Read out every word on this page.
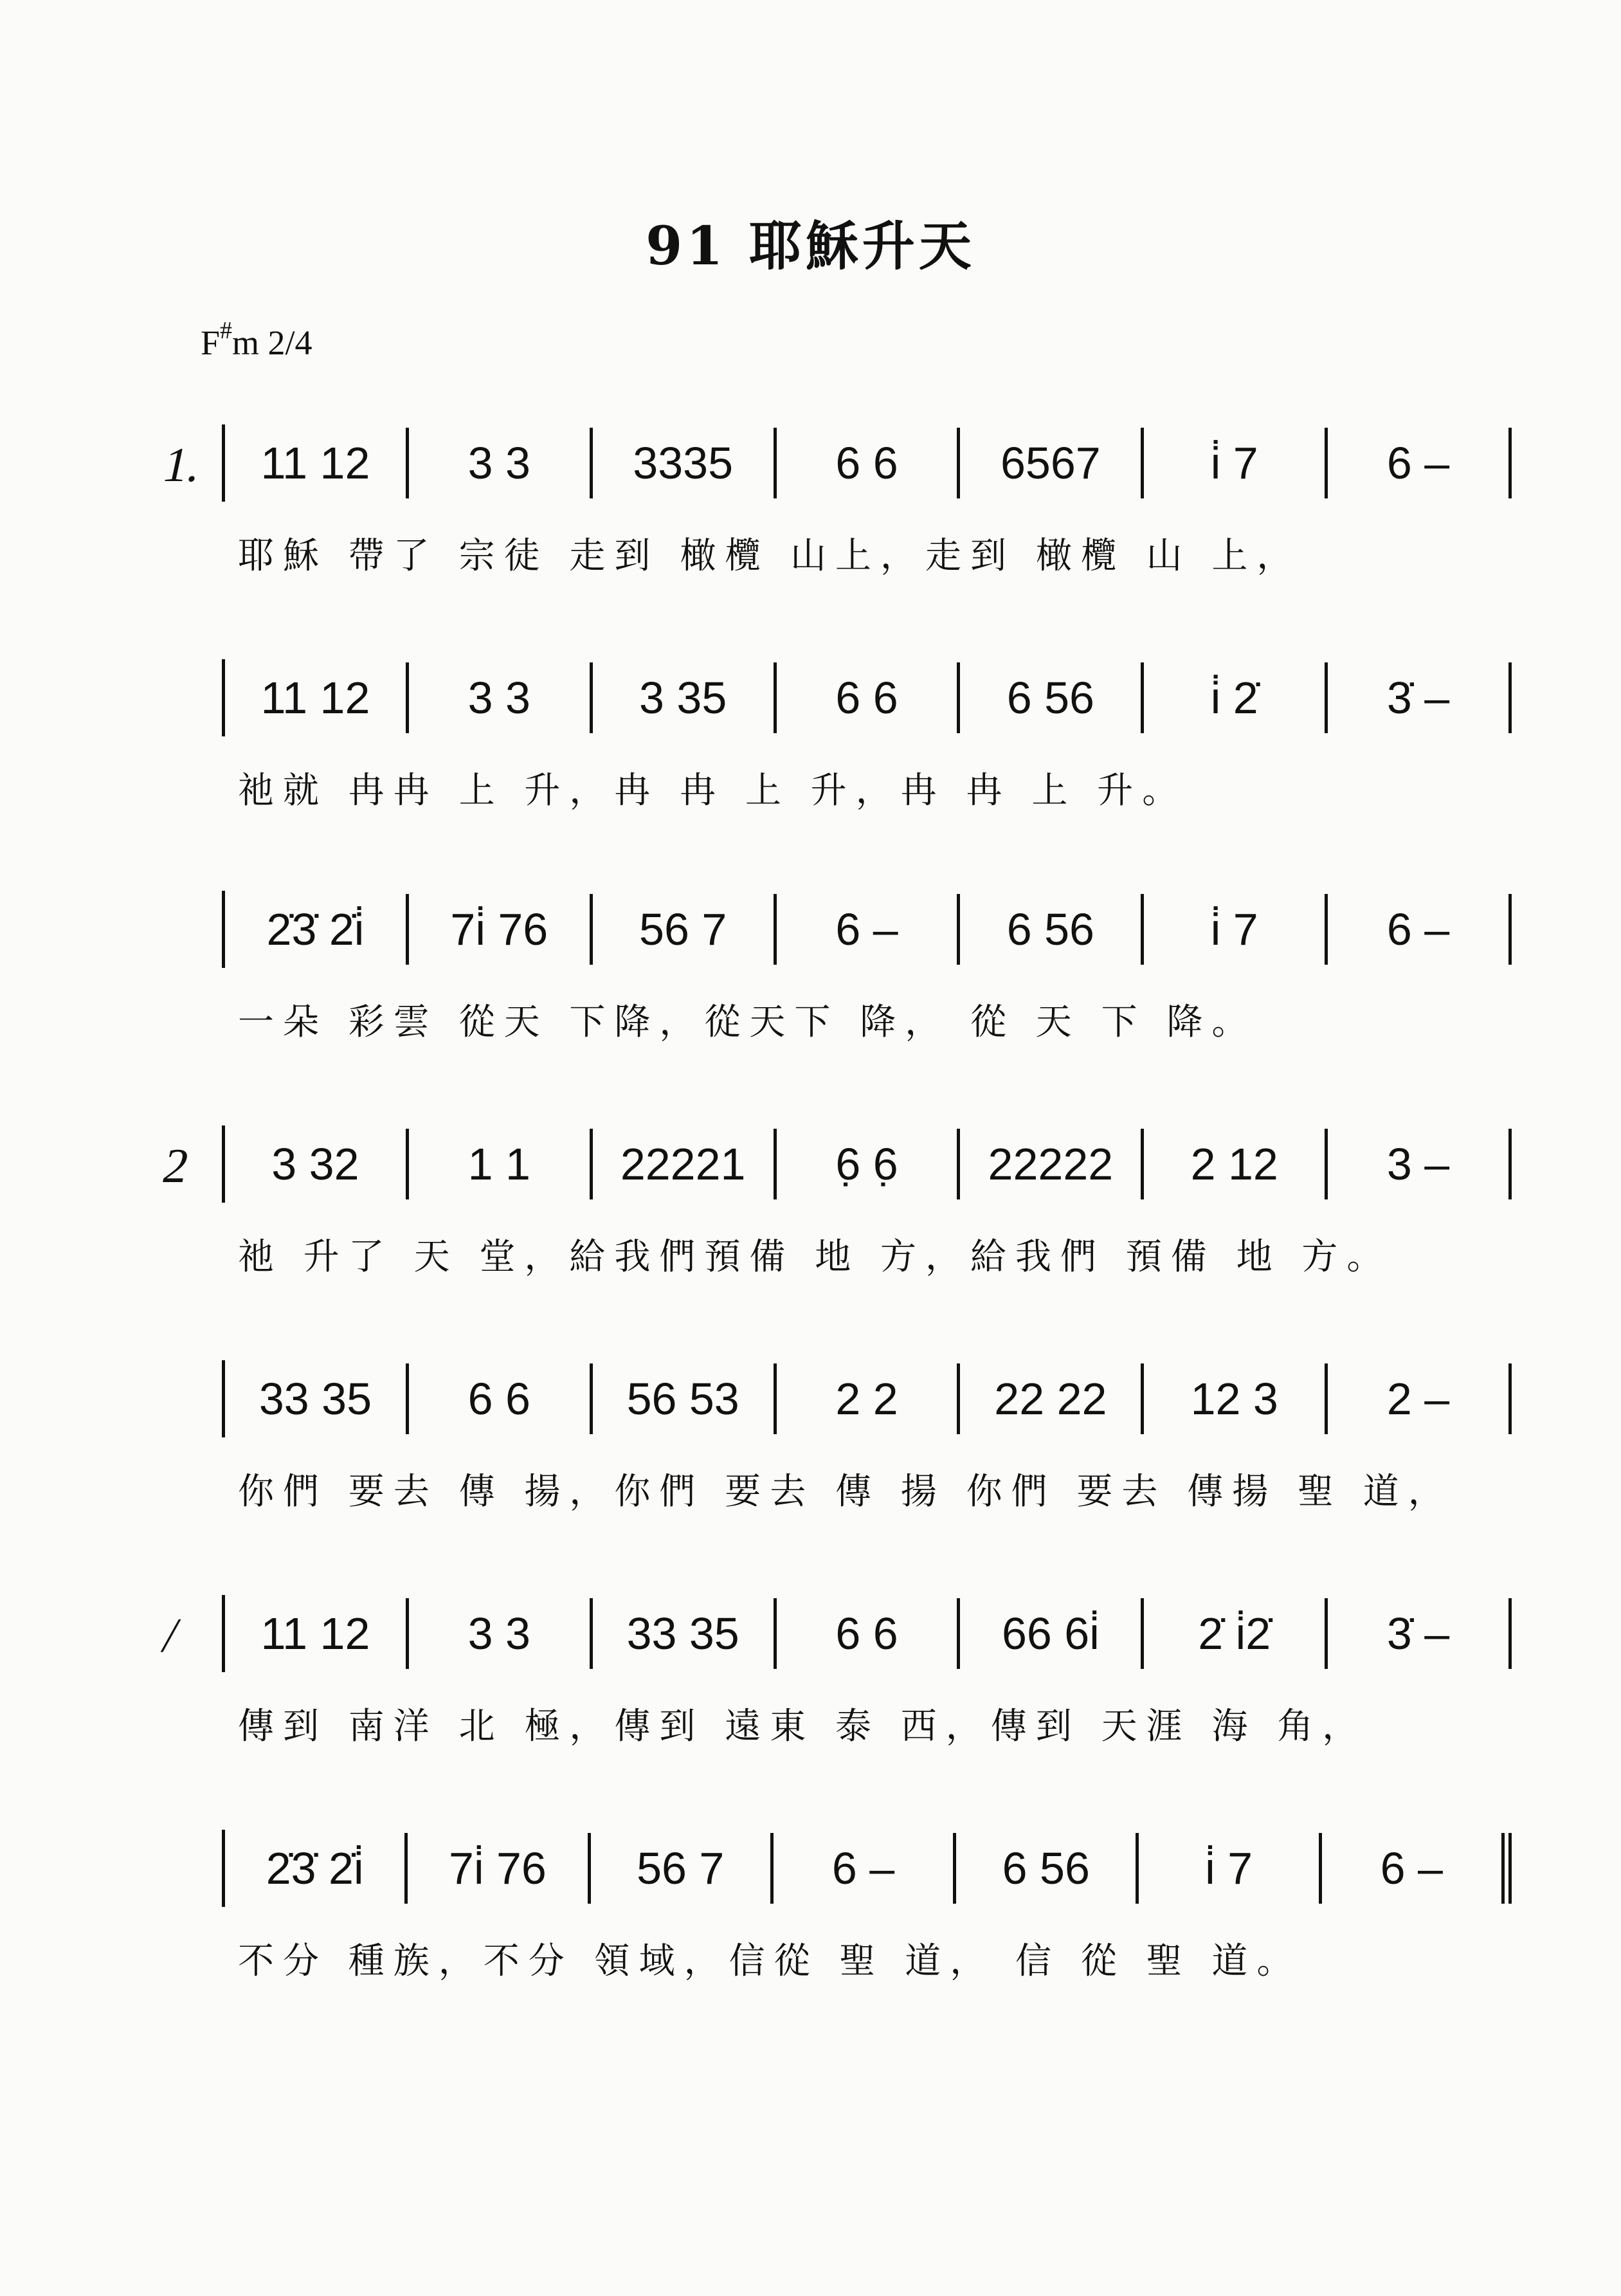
91 耶穌升天
F#m 2/4
1.	11 12	3 3	3335	6 6	6567	i̇ 7	6 –
耶穌 帶了 宗徒 走到 橄欖 山上，走到 橄欖 山 上，
11 12	3 3	3 35	6 6	6 56	i̇ 2̇	3̇ –
祂就 冉冉 上 升，冉 冉 上 升，冉 冉 上 升。
2̇3̇ 2̇i̇	7i̇ 76	56 7	6 –	6 56	i̇ 7	6 –
一朵 彩雲 從天 下降，從天下 降， 從 天 下 降。
2	3 32	1 1	22221	6̣ 6̣	22222	2 12	3 –
祂 升了 天 堂，給我們預備 地 方，給我們 預備 地 方。
33 35	6 6	56 53	2 2	22 22	12 3	2 –
你們 要去 傳 揚，你們 要去 傳 揚 你們 要去 傳揚 聖 道，
/	11 12	3 3	33 35	6 6	66 6i̇	2̇ i̇2̇	3̇ –
傳到 南洋 北 極，傳到 遠東 泰 西，傳到 天涯 海 角，
2̇3̇ 2̇i̇	7i̇ 76	56 7	6 –	6 56	i̇ 7	6 –
不分 種族，不分 領域，信從 聖 道， 信 從 聖 道。
